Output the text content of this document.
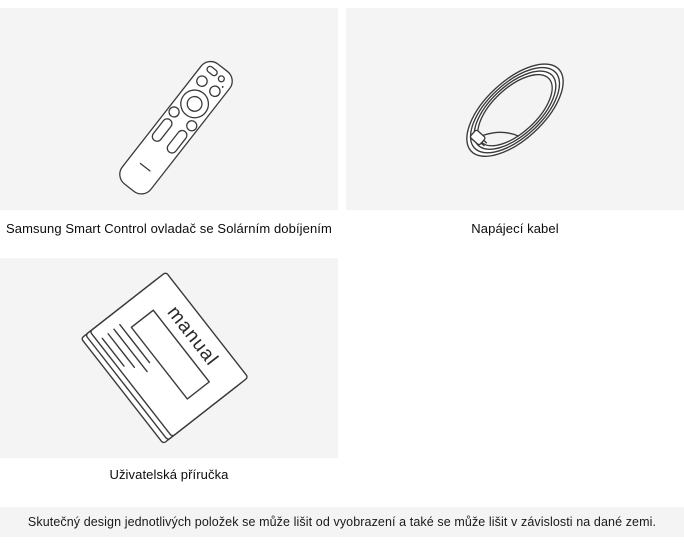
manual
Samsung Smart Control ovladač se Solárním dobíjením	Napájecí kabel
Uživatelská příručka
Skutečný design jednotlivých položek se může lišit od vyobrazení a také se může lišit v závislosti na dané zemi.
